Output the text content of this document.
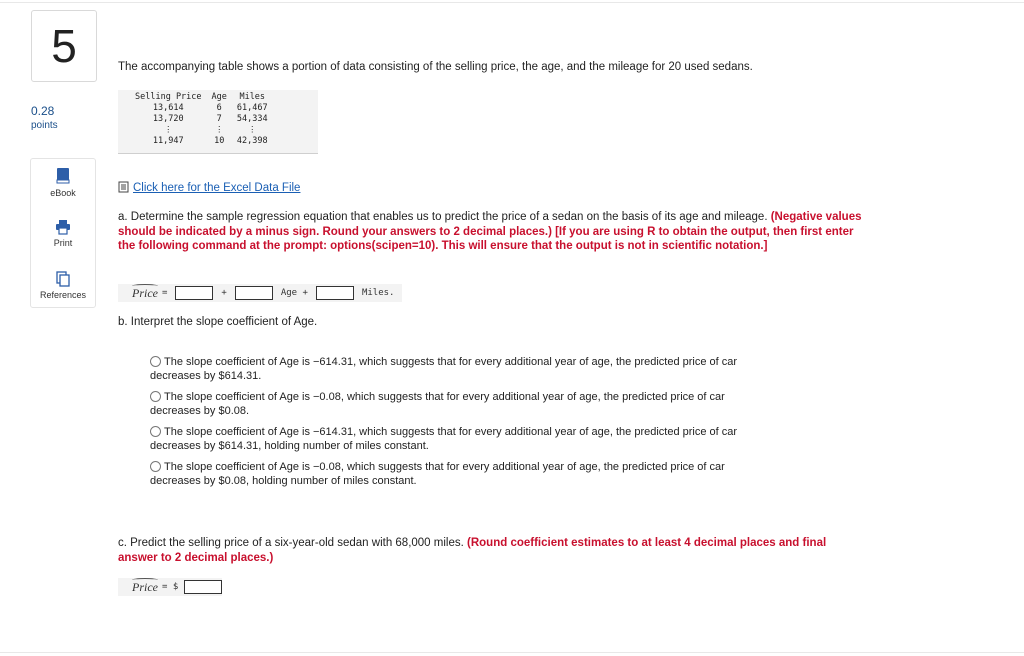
5
0.28
points
eBook
Print
References
The accompanying table shows a portion of data consisting of the selling price, the age, and the mileage for 20 used sedans.
Selling Price	Age	Miles
13,614	6	61,467
13,720	7	54,334
⋮	⋮	⋮
11,947	10	42,398
Click here for the Excel Data File
a. Determine the sample regression equation that enables us to predict the price of a sedan on the basis of its age and mileage. (Negative values should be indicated by a minus sign. Round your answers to 2 decimal places.) [If you are using R to obtain the output, then first enter the following command at the prompt: options(scipen=10). This will ensure that the output is not in scientific notation.]
Price =	+	Age +	Miles.
b. Interpret the slope coefficient of Age.
The slope coefficient of Age is −614.31, which suggests that for every additional year of age, the predicted price of car
decreases by $614.31.
The slope coefficient of Age is −0.08, which suggests that for every additional year of age, the predicted price of car
decreases by $0.08.
The slope coefficient of Age is −614.31, which suggests that for every additional year of age, the predicted price of car
decreases by $614.31, holding number of miles constant.
The slope coefficient of Age is −0.08, which suggests that for every additional year of age, the predicted price of car
decreases by $0.08, holding number of miles constant.
c. Predict the selling price of a six-year-old sedan with 68,000 miles. (Round coefficient estimates to at least 4 decimal places and final answer to 2 decimal places.)
Price = $
